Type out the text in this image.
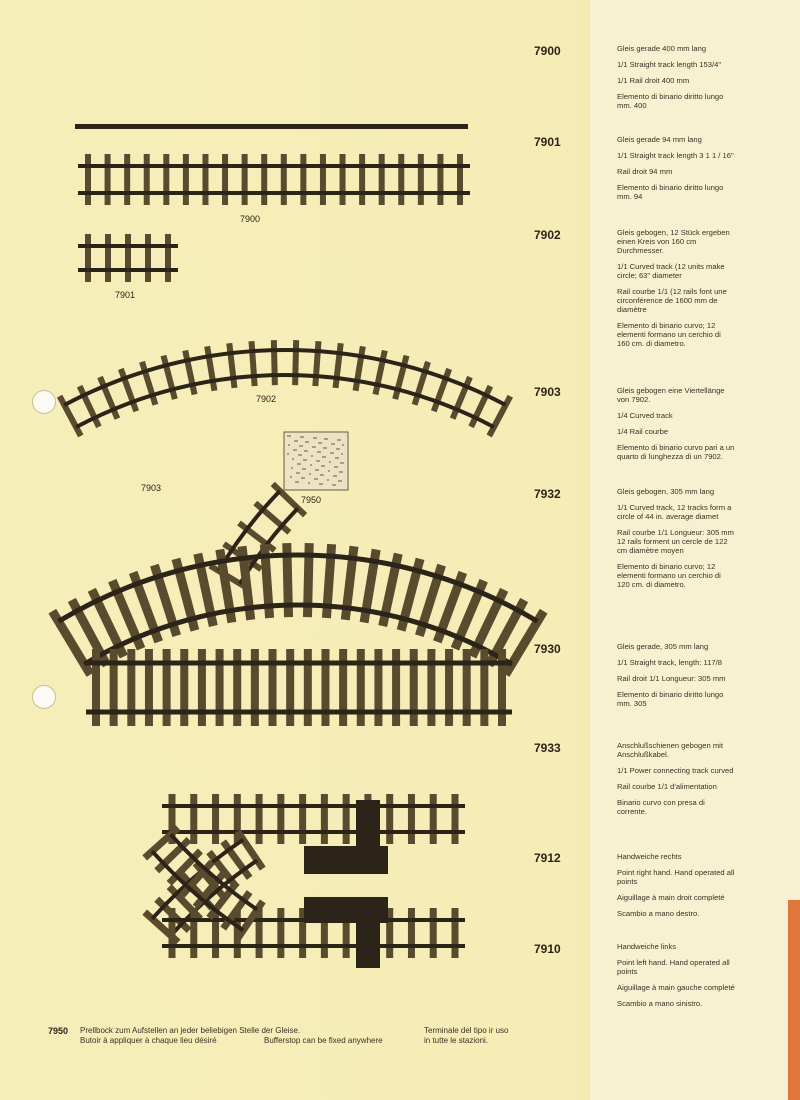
7900
7901
7902
7903
7932
7930
7933
7912
7910

Gleis gerade 400 mm lang

1/1 Straight track length 153/4"

1/1 Rail droit 400 mm

Elemento di binario diritto lungo mm. 400

Gleis gerade 94 mm lang

1/1 Straight track length 3 1 1 / 16"

Rail droit 94 mm

Elemento di binario diritto lungo mm. 94

Gleis gebogen, 12 Stück ergeben einen Kreis von 160 cm Durchmesser.

1/1 Curved track (12 units make circle; 63" diameter

Rail courbe 1/1 (12 rails font une circonférence de 1600 mm de diamètre

Elemento di binario curvo; 12 elementi formano un cerchio di 160 cm. di diametro.

Gleis gebogen eine Viertellänge von 7902.

1/4 Curved track

1/4 Rail courbe

Elemento di binario curvo pari a un quarto di lunghezza di un 7902.

Gleis gebogen, 305 mm lang

1/1 Curved track, 12 tracks form a circle of 44 in. average diamet

Rail courbe 1/1 Longueur: 305 mm 12 rails forment un cercle de 122 cm diamètre moyen

Elemento di binario curvo; 12 elementi formano un cerchio di 120 cm. di diametro.

Gleis gerade, 305 mm lang

1/1 Straight track, length: 117/8

Rail droit 1/1 Longueur: 305 mm

Elemento di binario diritto lungo mm. 305

Anschlußschienen gebogen mit Anschlußkabel.

1/1 Power connecting track curved

Rail courbe 1/1 d'alimentation

Binario curvo con presa di corrente.

Handweiche rechts

Point right hand. Hand operated all points

Aiguillage à main droit completé

Scambio a mano destro.

Handweiche links

Point left hand. Hand operated all points

Aiguillage à main gauche completé

Scambio a mano sinistro.

7900
7901
7902
7903
7950
7950 Prellbock zum Aufstellen an jeder beliebigen Stelle der Gleise.
Butoir à appliquer à chaque lieu désiré	Bufferstop can be fixed anywhere
Terminale del tipo ir uso
in tutte le stazioni.
